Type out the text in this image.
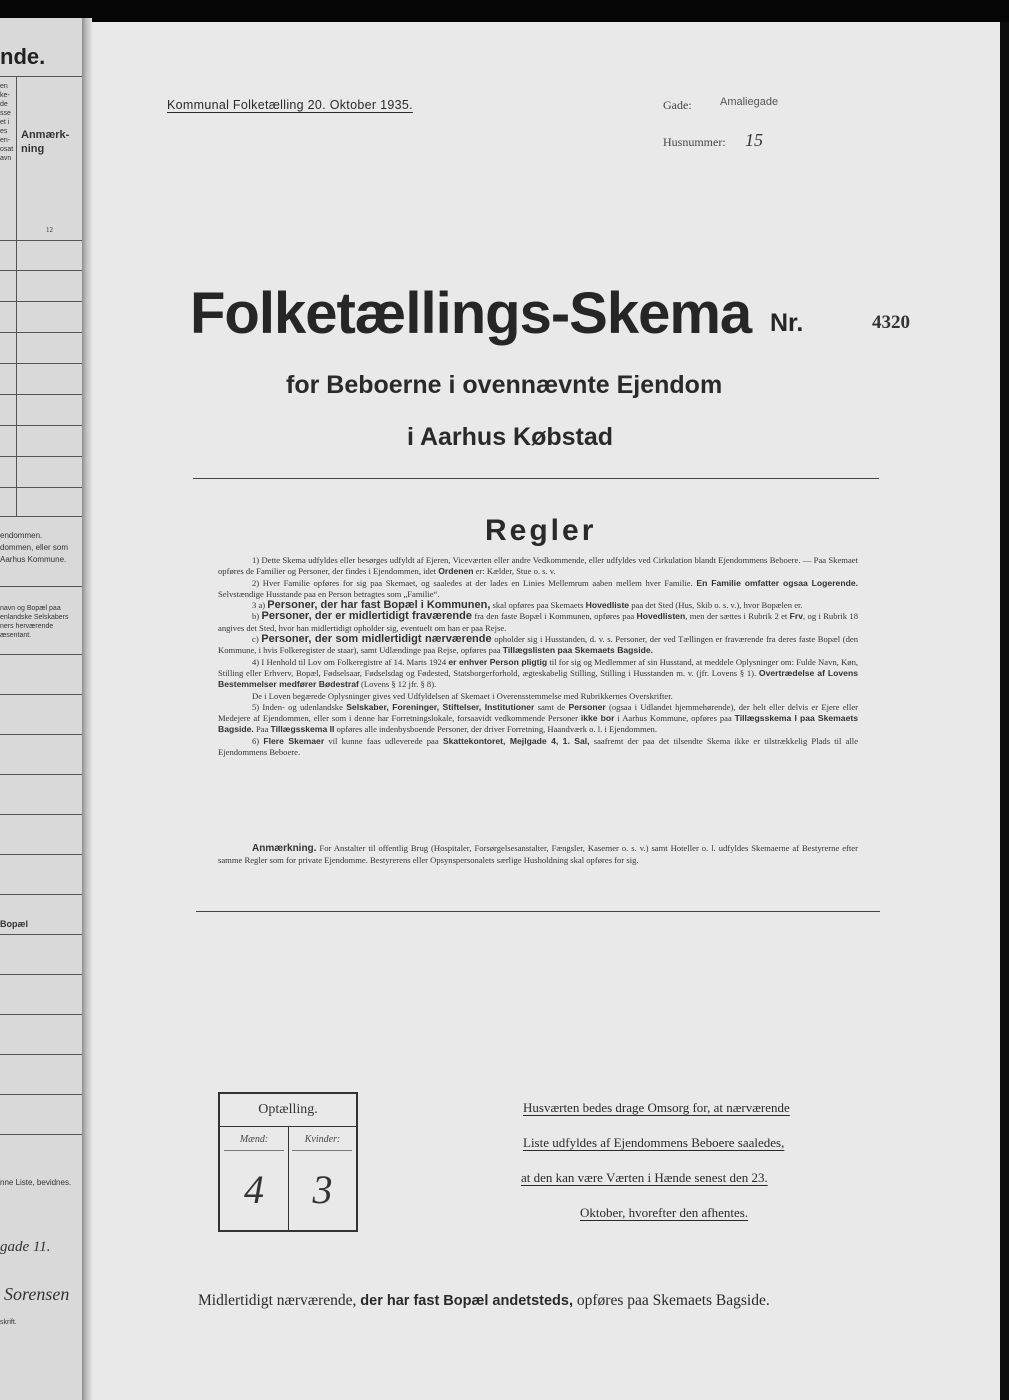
nde.
en
ke-
de
sse
et i
es
en-
osat
avn
Anmærk-
ning
12
endommen.
dommen, eller som
Aarhus Kommune.
navn og Bopæl paa
enlandske Selskabers
ners herværende
æsentant.
Bopæl
nne Liste, bevidnes.
gade 11.
Sorensen
skrift.
Kommunal Folketælling 20. Oktober 1935.	Gade:	Amaliegade
Husnummer: 15
Folketællings-Skema Nr.	4320
for Beboerne i ovennævnte Ejendom
i Aarhus Købstad
Regler

1) Dette Skema udfyldes eller besørges udfyldt af Ejeren, Viceværten eller andre Vedkommende, eller udfyldes ved Cirkulation blandt Ejendommens Beboere. — Paa Skemaet opføres de Familier og Personer, der findes i Ejendommen, idet Ordenen er: Kælder, Stue o. s. v.

2) Hver Familie opføres for sig paa Skemaet, og saaledes at der lades en Linies Mellemrum aaben mellem hver Familie. En Familie omfatter ogsaa Logerende. Selvstændige Husstande paa en Person betragtes som „Familie“.

3 a) Personer, der har fast Bopæl i Kommunen, skal opføres paa Skemaets Hovedliste paa det Sted (Hus, Skib o. s. v.), hvor Bopælen er.

b) Personer, der er midlertidigt fraværende fra den faste Bopæl i Kommunen, opføres paa Hovedlisten, men der sættes i Rubrik 2 et Frv, og i Rubrik 18 angives det Sted, hvor han midlertidigt opholder sig, eventuelt om han er paa Rejse.

c) Personer, der som midlertidigt nærværende opholder sig i Husstanden, d. v. s. Personer, der ved Tællingen er fraværende fra deres faste Bopæl (den Kommune, i hvis Folkeregister de staar), samt Udlændinge paa Rejse, opføres paa Tillægslisten paa Skemaets Bagside.

4) I Henhold til Lov om Folkeregistre af 14. Marts 1924 er enhver Person pligtig til for sig og Medlemmer af sin Husstand, at meddele Oplysninger om: Fulde Navn, Køn, Stilling eller Erhverv, Bopæl, Fødselsaar, Fødselsdag og Fødested, Statsborgerforhold, ægteskabelig Stilling, Stilling i Husstanden m. v. (jfr. Lovens § 1). Overtrædelse af Lovens Bestemmelser medfører Bødestraf (Lovens § 12 jfr. § 8).

De i Loven begærede Oplysninger gives ved Udfyldelsen af Skemaet i Overensstemmelse med Rubrikkernes Overskrifter.

5) Inden- og udenlandske Selskaber, Foreninger, Stiftelser, Institutioner samt de Personer (ogsaa i Udlandet hjemmehørende), der helt eller delvis er Ejere eller Medejere af Ejendommen, eller som i denne har Forretningslokale, forsaavidt vedkommende Personer ikke bor i Aarhus Kommune, opføres paa Tillægsskema I paa Skemaets Bagside. Paa Tillægsskema II opføres alle indenbysboende Personer, der driver Forretning, Haandværk o. l. i Ejendommen.

6) Flere Skemaer vil kunne faas udleverede paa Skattekontoret, Mejlgade 4, 1. Sal, saafremt der paa det tilsendte Skema ikke er tilstrækkelig Plads til alle Ejendommens Beboere.

Anmærkning. For Anstalter til offentlig Brug (Hospitaler, Forsørgelsesanstalter, Fængsler, Kaserner o. s. v.) samt Hoteller o. l. udfyldes Skemaerne af Bestyrerne efter samme Regler som for private Ejendomme. Bestyrerens eller Opsynspersonalets særlige Husholdning skal opføres for sig.
Optælling.
Mænd:	Kvinder:
4	3
Husværten bedes drage Omsorg for, at nærværende
Liste udfyldes af Ejendommens Beboere saaledes,
at den kan være Værten i Hænde senest den 23.
Oktober, hvorefter den afhentes.
Midlertidigt nærværende, der har fast Bopæl andetsteds, opføres paa Skemaets Bagside.
